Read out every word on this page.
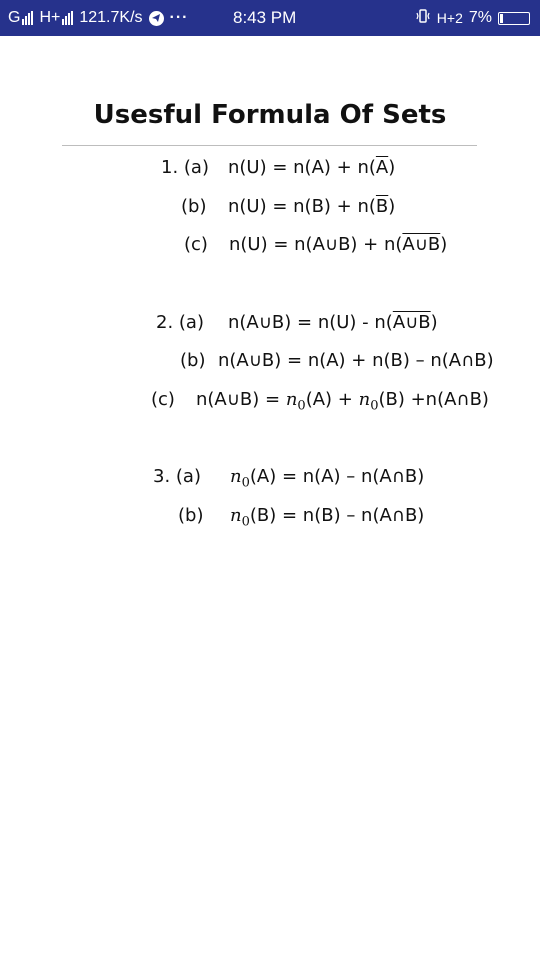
G H+ 121.7K/s ···	8:43 PM	H+2 7%
Usesful Formula Of Sets
1. (a) $n(U) = n(A) + n(\overline{A})$
(b) $n(U) = n(B) + n(\overline{B})$
(c) n(U) = n(A∪B) + n(A∪B)
2. (a) n(A∪B) = n(U) - n(A∪B)
(b) n(A∪B) = n(A) + n(B) – n(A∩B)
(c) n(A∪B) = $n_0(A) + n_0(B)$ +n(A∩B)
3. (a) $n_0(A) = n(A)$ – n(A∩B)
(b) $n_0(B) = n(B)$ – n(A∩B)
